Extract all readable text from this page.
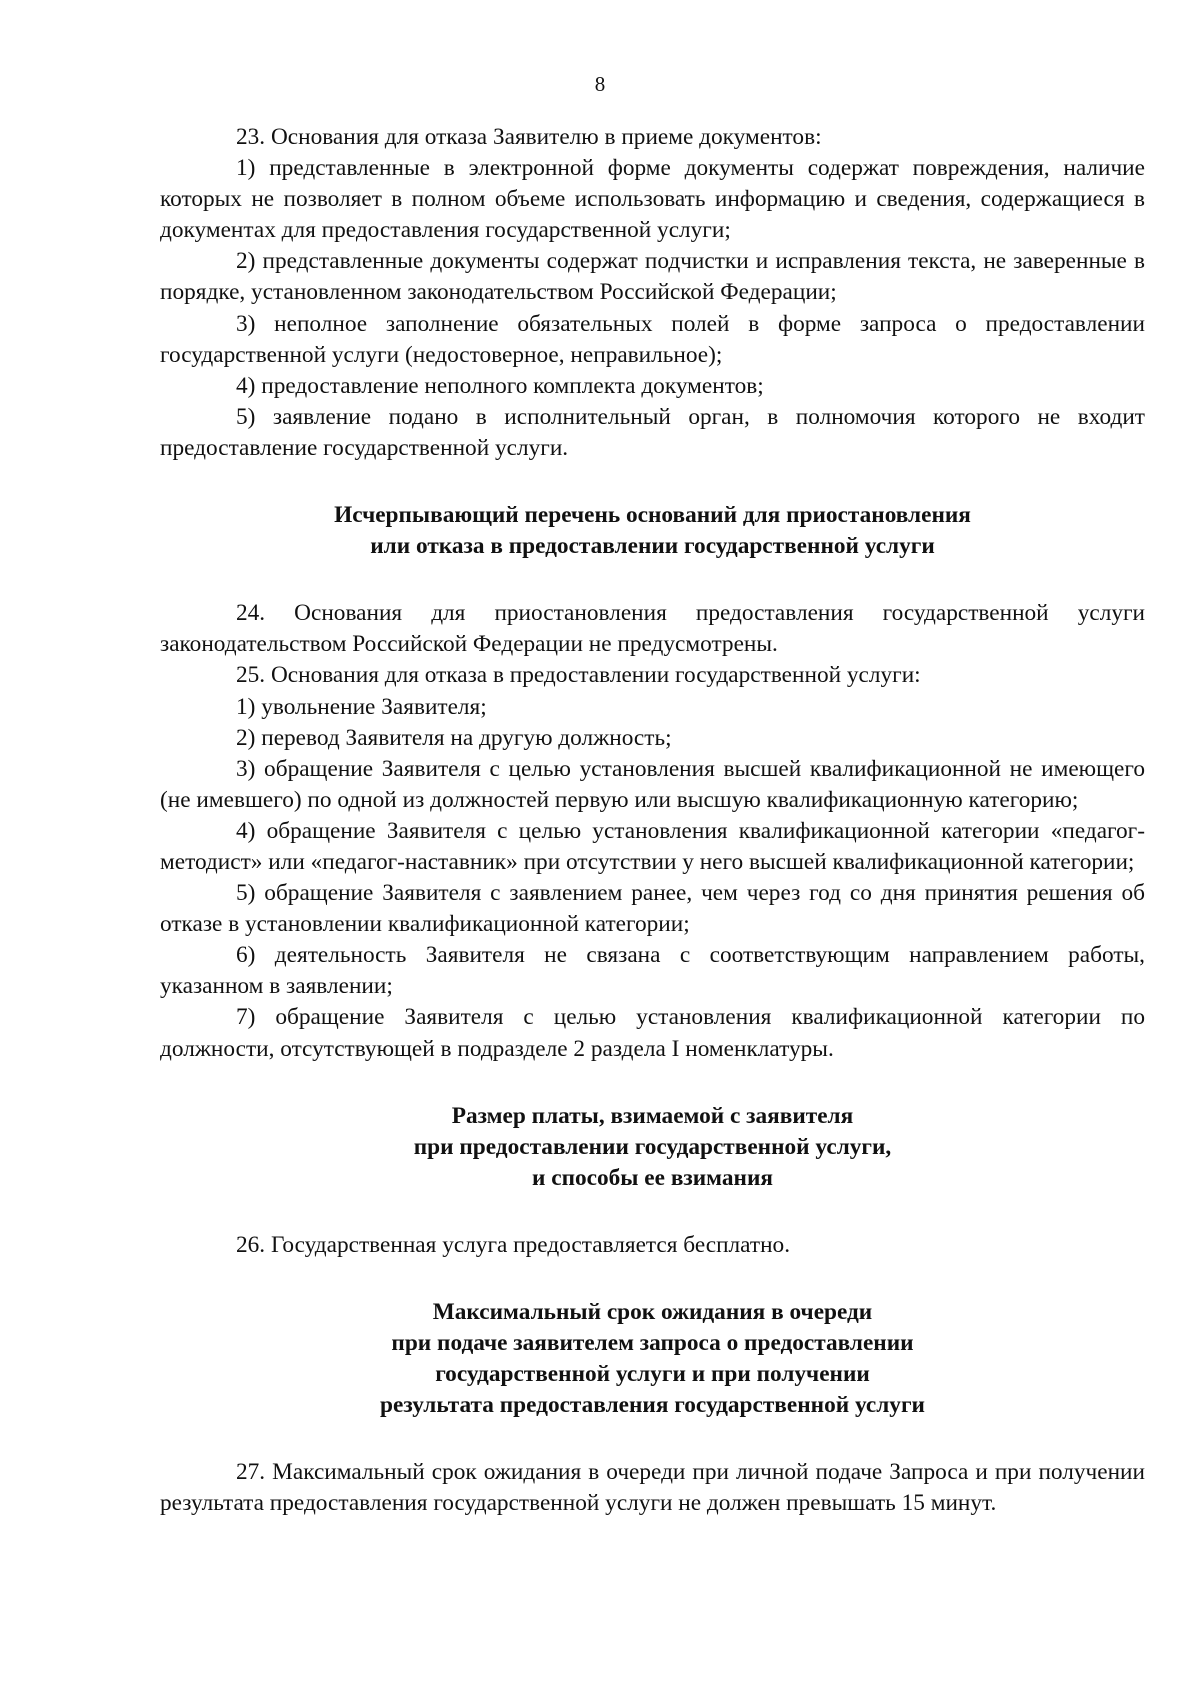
8

23. Основания для отказа Заявителю в приеме документов:

1) представленные в электронной форме документы содержат повреждения, наличие которых не позволяет в полном объеме использовать информацию и сведения, содержащиеся в документах для предоставления государственной услуги;

2) представленные документы содержат подчистки и исправления текста, не заверенные в порядке, установленном законодательством Российской Федерации;

3) неполное заполнение обязательных полей в форме запроса о предоставлении государственной услуги (недостоверное, неправильное);

4) предоставление неполного комплекта документов;

5) заявление подано в исполнительный орган, в полномочия которого не входит предоставление государственной услуги.

Исчерпывающий перечень оснований для приостановления
или отказа в предоставлении государственной услуги

24. Основания для приостановления предоставления государственной услуги законодательством Российской Федерации не предусмотрены.

25. Основания для отказа в предоставлении государственной услуги:

1) увольнение Заявителя;

2) перевод Заявителя на другую должность;

3) обращение Заявителя с целью установления высшей квалификационной не имеющего (не имевшего) по одной из должностей первую или высшую квалификационную категорию;

4) обращение Заявителя с целью установления квалификационной категории «педагог-методист» или «педагог-наставник» при отсутствии у него высшей квалификационной категории;

5) обращение Заявителя с заявлением ранее, чем через год со дня принятия решения об отказе в установлении квалификационной категории;

6) деятельность Заявителя не связана с соответствующим направлением работы, указанном в заявлении;

7) обращение Заявителя с целью установления квалификационной категории по должности, отсутствующей в подразделе 2 раздела I номенклатуры.

Размер платы, взимаемой с заявителя
при предоставлении государственной услуги,
и способы ее взимания

26. Государственная услуга предоставляется бесплатно.

Максимальный срок ожидания в очереди
при подаче заявителем запроса о предоставлении
государственной услуги и при получении
результата предоставления государственной услуги

27. Максимальный срок ожидания в очереди при личной подаче Запроса и при получении результата предоставления государственной услуги не должен превышать 15 минут.
